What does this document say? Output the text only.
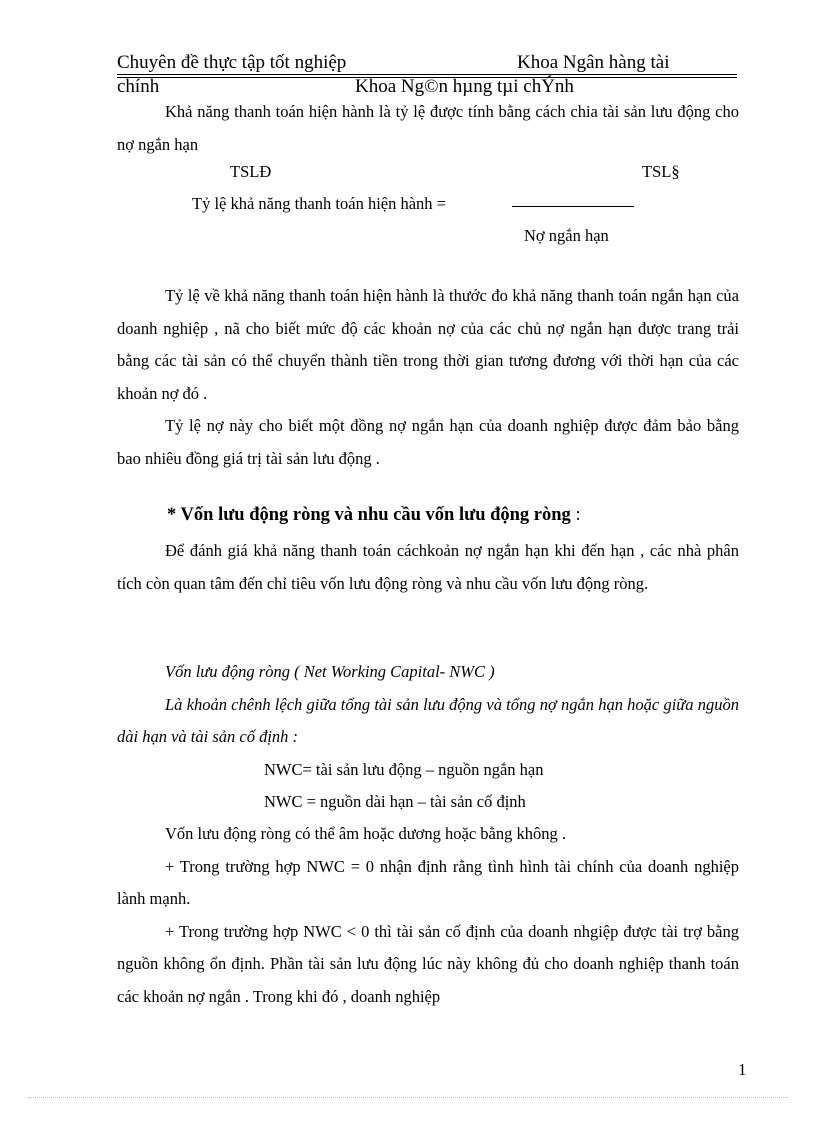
Chuyên đề thực tập tốt nghiệp	Khoa Ngân hàng tài
chính	Khoa Ng©n hµng tµi chÝnh

Khả năng thanh toán hiện hành là tỷ lệ được tính bằng cách chia tài sản lưu động cho nợ ngắn hạn

TSLĐ	TSL§
Tỷ lệ khả năng thanh toán hiện hành =
Nợ ngắn hạn

Tỷ lệ về khả năng thanh toán hiện hành là thước đo khả năng thanh toán ngắn hạn của doanh nghiệp , nã cho biết mức độ các khoản nợ của các chủ nợ ngắn hạn được trang trải bằng các tài sản có thể chuyển thành tiền trong thời gian tương đương với thời hạn của các khoản nợ đó .

Tỷ lệ nợ này cho biết một đồng nợ ngắn hạn của doanh nghiệp được đảm bảo bằng bao nhiêu đồng giá trị tài sản lưu động .

* Vốn lưu động ròng và nhu cầu vốn lưu động ròng :

Để đánh giá khả năng thanh toán cáchkoản nợ ngắn hạn khi đến hạn , các nhà phân tích còn quan tâm đến chỉ tiêu vốn lưu động ròng và nhu cầu vốn lưu động ròng.

Vốn lưu động ròng ( Net Working Capital- NWC )

Là khoản chênh lệch giữa tổng tài sản lưu động và tổng nợ ngắn hạn hoặc giữa nguồn dài hạn và tài sản cố định :

NWC= tài sản lưu động – nguồn ngắn hạn
NWC = nguồn dài hạn – tài sản cố định

Vốn lưu động ròng có thể âm hoặc dương hoặc bằng không .

+ Trong trường hợp NWC = 0 nhận định rằng tình hình tài chính của doanh nghiệp lành mạnh.

+ Trong trường hợp NWC < 0 thì tài sản cố định của doanh nhgiệp được tài trợ bằng nguồn không ổn định. Phần tài sản lưu động lúc này không đủ cho doanh nghiệp thanh toán các khoản nợ ngắn . Trong khi đó , doanh nghiệp

1
